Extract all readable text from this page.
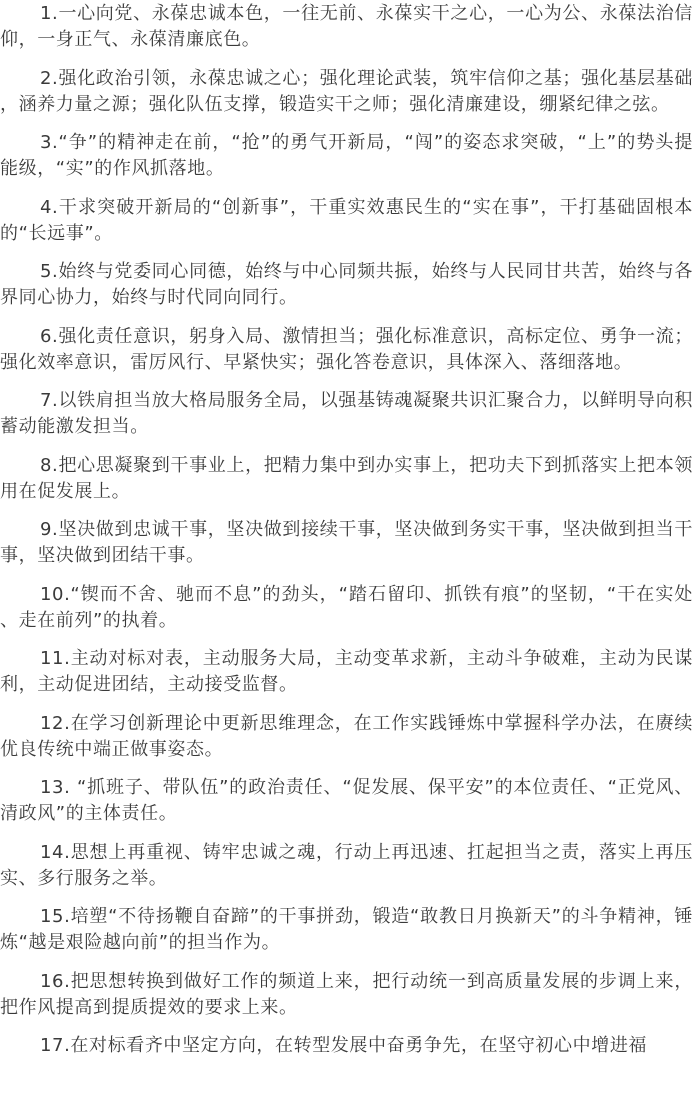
1.一心向党、永葆忠诚本色，一往无前、永葆实干之心，一心为公、永葆法治信仰，一身正气、永葆清廉底色。

2.强化政治引领，永葆忠诚之心；强化理论武装，筑牢信仰之基；强化基层基础，涵养力量之源；强化队伍支撑，锻造实干之师；强化清廉建设，绷紧纪律之弦。

3.“争”的精神走在前，“抢”的勇气开新局，“闯”的姿态求突破，“上”的势头提能级，“实”的作风抓落地。

4.干求突破开新局的“创新事”，干重实效惠民生的“实在事”，干打基础固根本的“长远事”。

5.始终与党委同心同德，始终与中心同频共振，始终与人民同甘共苦，始终与各界同心协力，始终与时代同向同行。

6.强化责任意识，躬身入局、激情担当；强化标准意识，高标定位、勇争一流；强化效率意识，雷厉风行、早紧快实；强化答卷意识，具体深入、落细落地。

7.以铁肩担当放大格局服务全局，以强基铸魂凝聚共识汇聚合力，以鲜明导向积蓄动能激发担当。

8.把心思凝聚到干事业上，把精力集中到办实事上，把功夫下到抓落实上把本领用在促发展上。

9.坚决做到忠诚干事，坚决做到接续干事，坚决做到务实干事，坚决做到担当干事，坚决做到团结干事。

10.“锲而不舍、驰而不息”的劲头，“踏石留印、抓铁有痕”的坚韧，“干在实处、走在前列”的执着。

11.主动对标对表，主动服务大局，主动变革求新，主动斗争破难，主动为民谋利，主动促进团结，主动接受监督。

12.在学习创新理论中更新思维理念，在工作实践锤炼中掌握科学办法，在赓续优良传统中端正做事姿态。

13. “抓班子、带队伍”的政治责任、“促发展、保平安”的本位责任、“正党风、清政风”的主体责任。

14.思想上再重视、铸牢忠诚之魂，行动上再迅速、扛起担当之责，落实上再压实、多行服务之举。

15.培塑“不待扬鞭自奋蹄”的干事拼劲，锻造“敢教日月换新天”的斗争精神，锤炼“越是艰险越向前”的担当作为。

16.把思想转换到做好工作的频道上来，把行动统一到高质量发展的步调上来，把作风提高到提质提效的要求上来。

17.在对标看齐中坚定方向，在转型发展中奋勇争先，在坚守初心中增进福
